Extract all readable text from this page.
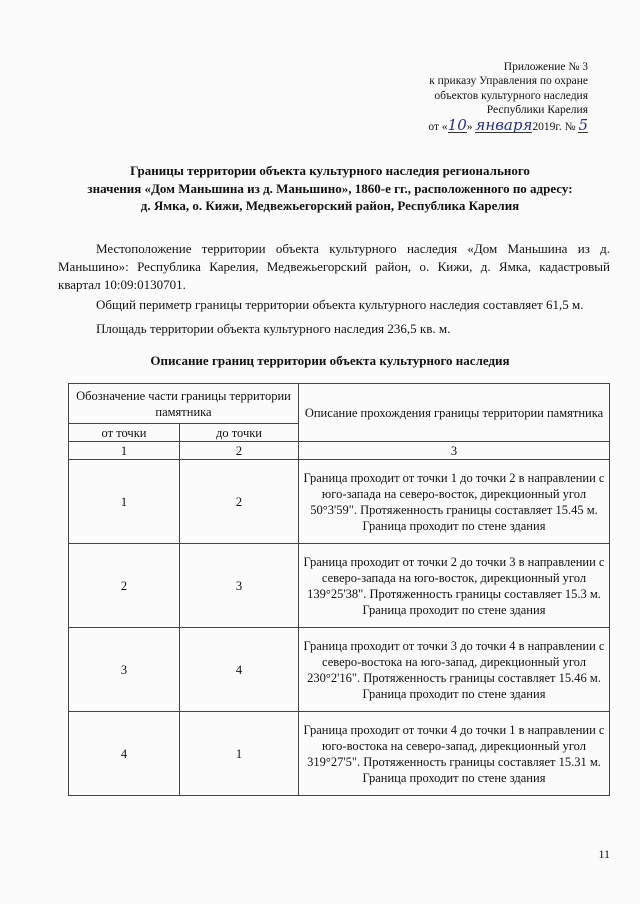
Приложение № 3
к приказу Управления по охране
объектов культурного наследия
Республики Карелия
от «10» января2019г. № 5
Границы территории объекта культурного наследия регионального
значения «Дом Маньшина из д. Маньшино», 1860-е гг., расположенного по адресу:
д. Ямка, о. Кижи, Медвежьегорский район, Республика Карелия
Местоположение территории объекта культурного наследия «Дом Маньшина из д. Маньшино»: Республика Карелия, Медвежьегорский район, о. Кижи, д. Ямка, кадастровый квартал 10:09:0130701.
Общий периметр границы территории объекта культурного наследия составляет 61,5 м.
Площадь территории объекта культурного наследия 236,5 кв. м.
Описание границ территории объекта культурного наследия
Обозначение части границы территории памятника		Описание прохождения границы территории памятника
от точки	до точки	
1	2	3
1	2	Граница проходит от точки 1 до точки 2 в направлении с юго-запада на северо-восток, дирекционный угол 50°3'59". Протяженность границы составляет 15.45 м. Граница проходит по стене здания
2	3	Граница проходит от точки 2 до точки 3 в направлении с северо-запада на юго-восток, дирекционный угол 139°25'38". Протяженность границы составляет 15.3 м. Граница проходит по стене здания
3	4	Граница проходит от точки 3 до точки 4 в направлении с северо-востока на юго-запад, дирекционный угол 230°2'16". Протяженность границы составляет 15.46 м. Граница проходит по стене здания
4	1	Граница проходит от точки 4 до точки 1 в направлении с юго-востока на северо-запад, дирекционный угол 319°27'5". Протяженность границы составляет 15.31 м. Граница проходит по стене здания
11
